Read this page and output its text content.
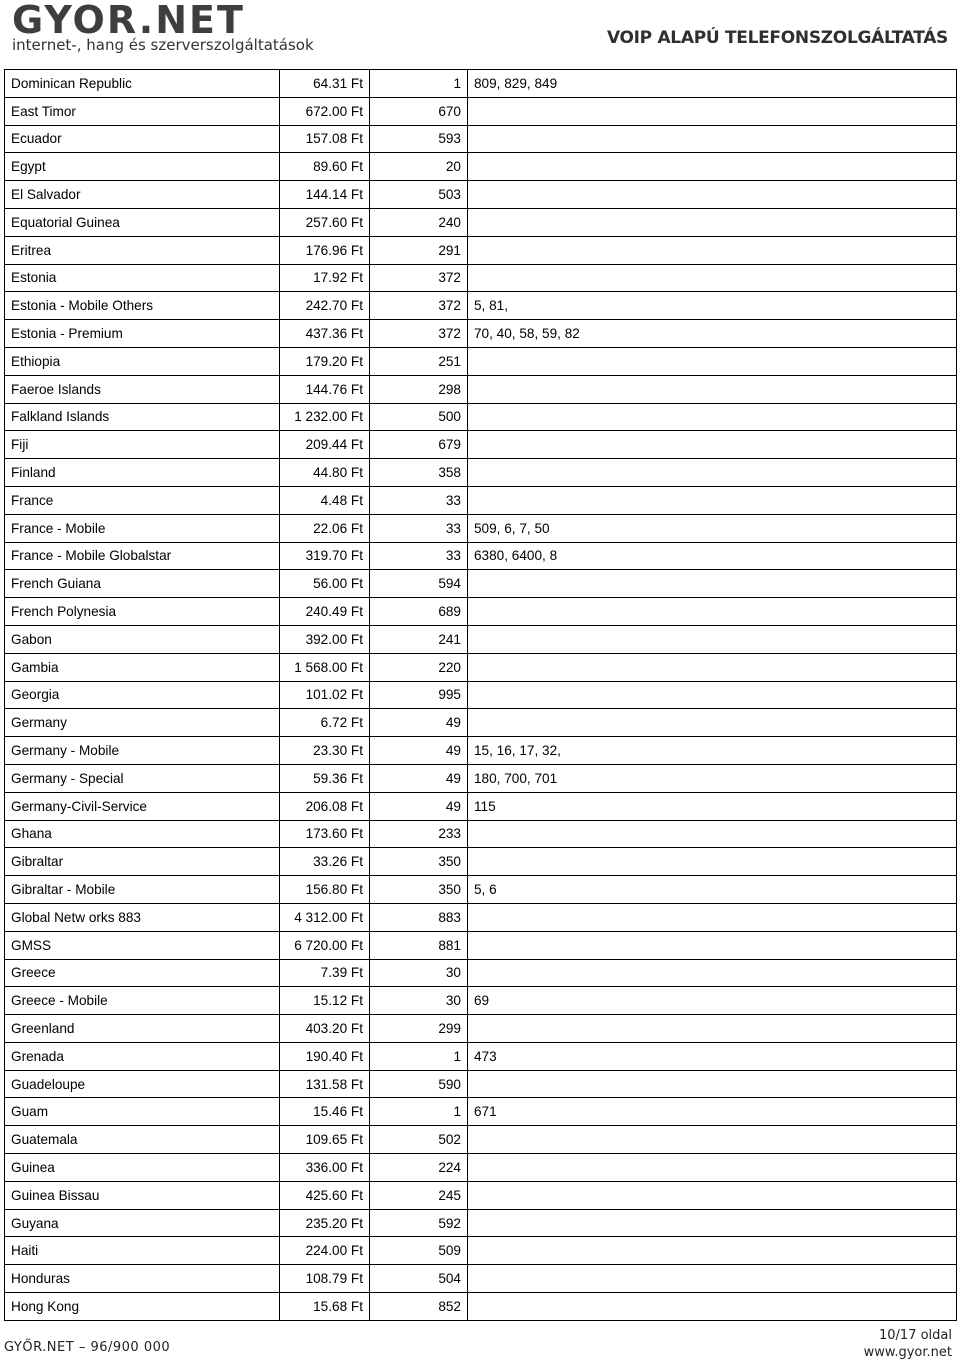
GYOR.NET
internet-, hang és szerverszolgáltatások	VOIP ALAPÚ TELEFONSZOLGÁLTATÁS
Dominican Republic	64.31 Ft	1	809, 829, 849
East Timor	672.00 Ft	670	
Ecuador	157.08 Ft	593	
Egypt	89.60 Ft	20	
El Salvador	144.14 Ft	503	
Equatorial Guinea	257.60 Ft	240	
Eritrea	176.96 Ft	291	
Estonia	17.92 Ft	372	
Estonia - Mobile Others	242.70 Ft	372	5, 81,
Estonia - Premium	437.36 Ft	372	70, 40, 58, 59, 82
Ethiopia	179.20 Ft	251	
Faeroe Islands	144.76 Ft	298	
Falkland Islands	1 232.00 Ft	500	
Fiji	209.44 Ft	679	
Finland	44.80 Ft	358	
France	4.48 Ft	33	
France - Mobile	22.06 Ft	33	509, 6, 7, 50
France - Mobile Globalstar	319.70 Ft	33	6380, 6400, 8
French Guiana	56.00 Ft	594	
French Polynesia	240.49 Ft	689	
Gabon	392.00 Ft	241	
Gambia	1 568.00 Ft	220	
Georgia	101.02 Ft	995	
Germany	6.72 Ft	49	
Germany - Mobile	23.30 Ft	49	15, 16, 17, 32,
Germany - Special	59.36 Ft	49	180, 700, 701
Germany-Civil-Service	206.08 Ft	49	115
Ghana	173.60 Ft	233	
Gibraltar	33.26 Ft	350	
Gibraltar - Mobile	156.80 Ft	350	5, 6
Global Netw orks 883	4 312.00 Ft	883	
GMSS	6 720.00 Ft	881	
Greece	7.39 Ft	30	
Greece - Mobile	15.12 Ft	30	69
Greenland	403.20 Ft	299	
Grenada	190.40 Ft	1	473
Guadeloupe	131.58 Ft	590	
Guam	15.46 Ft	1	671
Guatemala	109.65 Ft	502	
Guinea	336.00 Ft	224	
Guinea Bissau	425.60 Ft	245	
Guyana	235.20 Ft	592	
Haiti	224.00 Ft	509	
Honduras	108.79 Ft	504	
Hong Kong	15.68 Ft	852	
GYŐR.NET – 96/900 000
10/17 oldal
www.gyor.net
